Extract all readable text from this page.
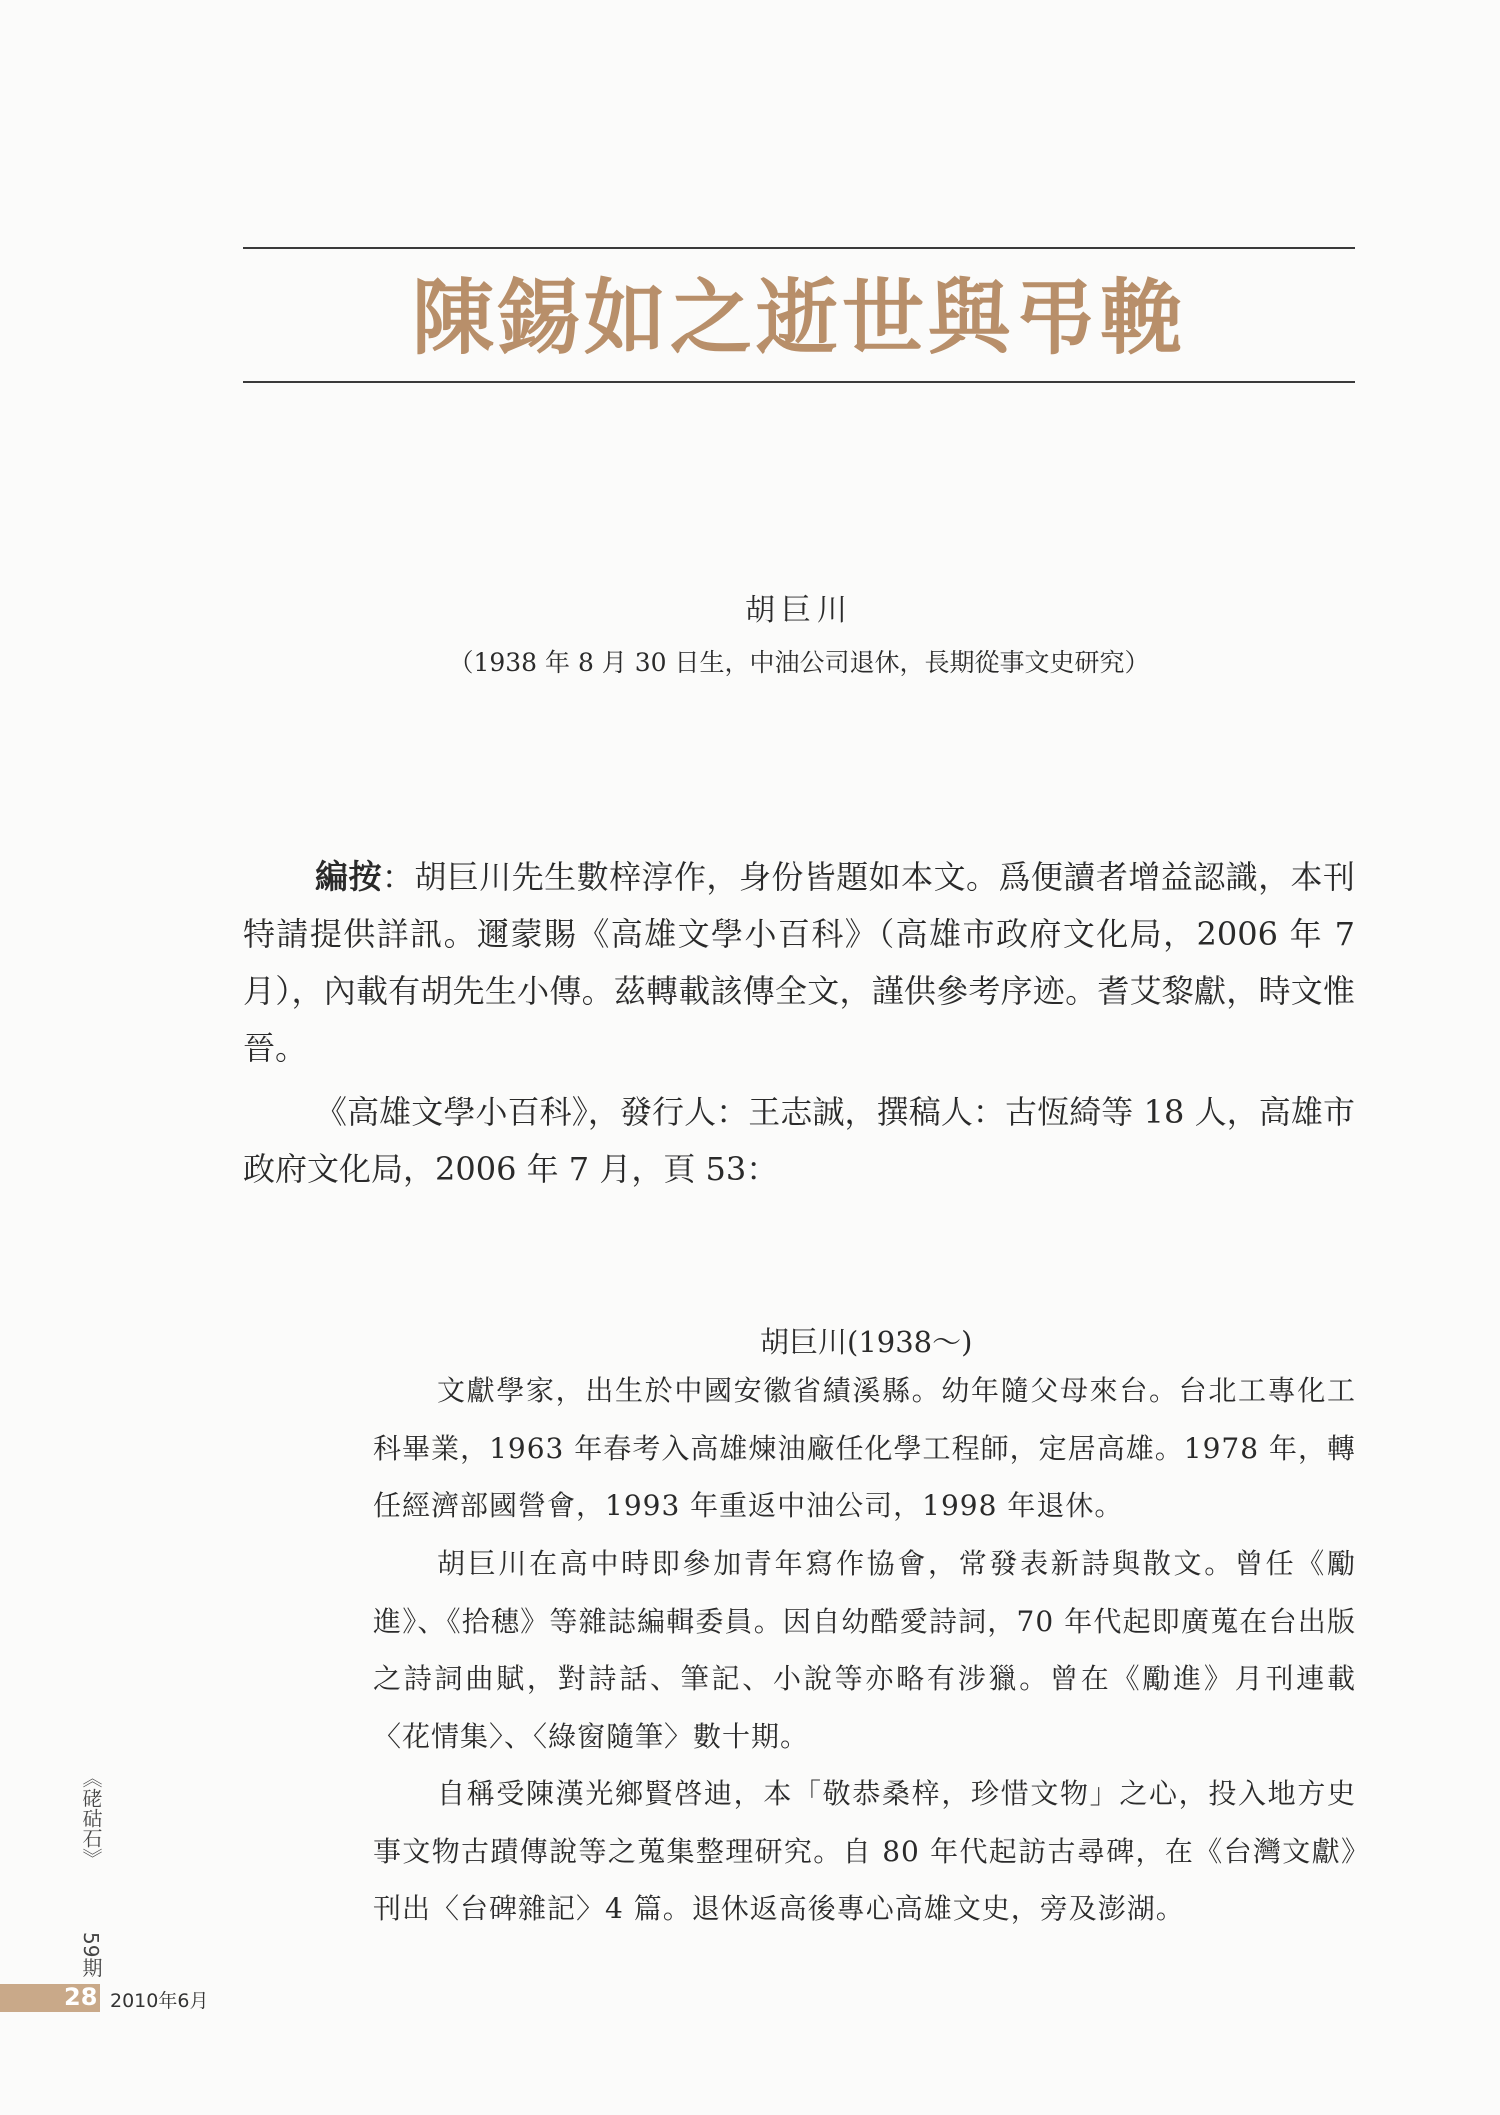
陳錫如之逝世與弔輓
胡巨川
（1938 年 8 月 30 日生，中油公司退休，長期從事文史研究）

編按：胡巨川先生數梓淳作，身份皆題如本文。爲便讀者增益認識，本刊特請提供詳訊。邇蒙賜《高雄文學小百科》（高雄市政府文化局，2006 年 7 月），內載有胡先生小傳。茲轉載該傳全文，謹供參考序迹。耆艾黎獻，時文惟晉。

《高雄文學小百科》，發行人：王志誠，撰稿人：古恆綺等 18 人，高雄市政府文化局，2006 年 7 月，頁 53：

胡巨川(1938～)

文獻學家，出生於中國安徽省績溪縣。幼年隨父母來台。台北工專化工科畢業，1963 年春考入高雄煉油廠任化學工程師，定居高雄。1978 年，轉任經濟部國營會，1993 年重返中油公司，1998 年退休。

胡巨川在高中時即參加青年寫作協會，常發表新詩與散文。曾任《勵進》、《拾穗》等雜誌編輯委員。因自幼酷愛詩詞，70 年代起即廣蒐在台出版之詩詞曲賦，對詩話、筆記、小說等亦略有涉獵。曾在《勵進》月刊連載〈花情集〉、〈綠窗隨筆〉數十期。

自稱受陳漢光鄉賢啓迪，本「敬恭桑梓，珍惜文物」之心，投入地方史事文物古蹟傳說等之蒐集整理研究。自 80 年代起訪古尋碑，在《台灣文獻》刊出〈台碑雜記〉4 篇。退休返高後專心高雄文史，旁及澎湖。

《硓𥑮石》
59期
28 2010年6月
